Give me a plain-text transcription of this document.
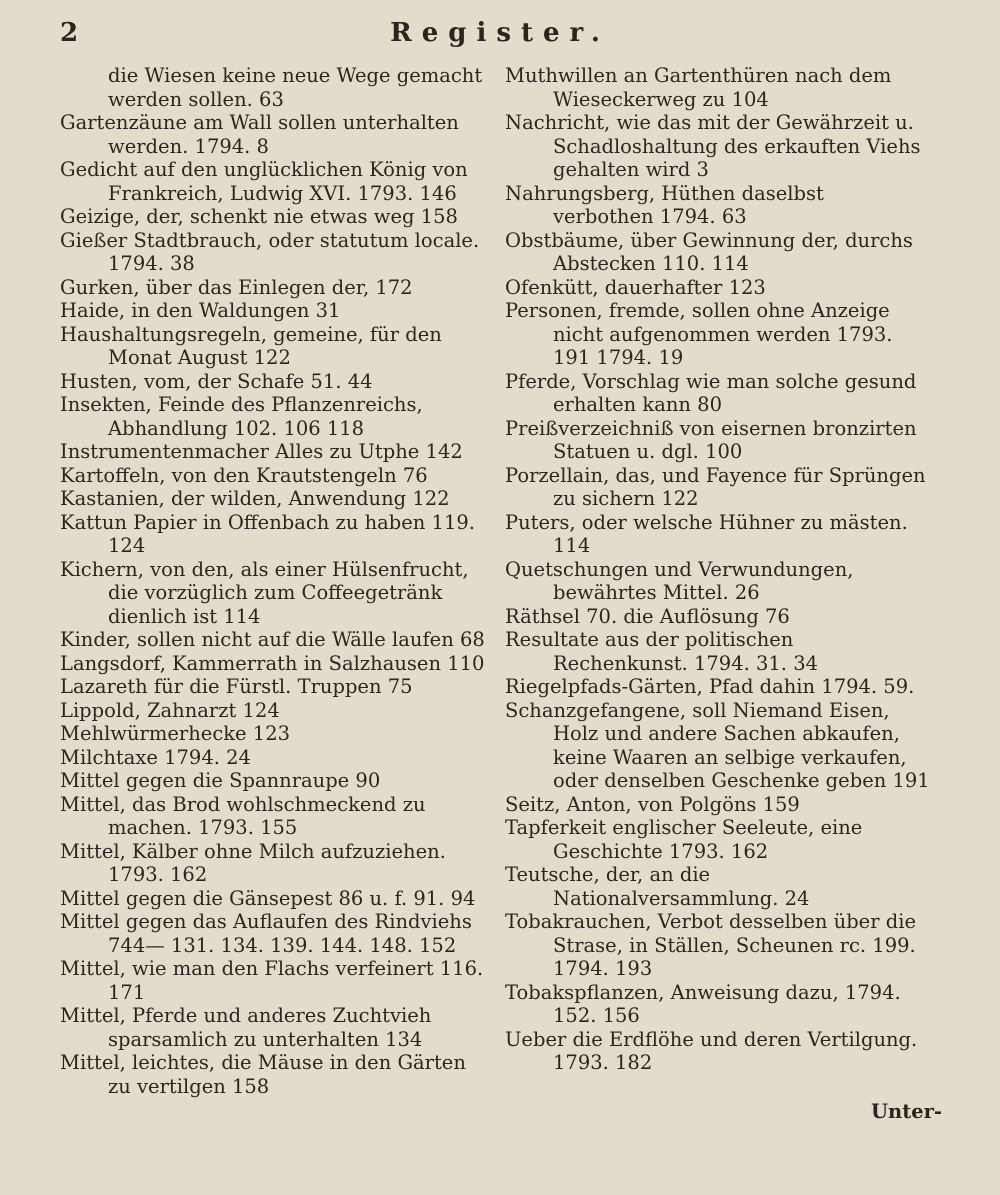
2	Register.
die Wiesen keine neue Wege gemacht werden sollen. 63
Gartenzäune am Wall sollen unterhalten werden. 1794. 8
Gedicht auf den unglücklichen König von Frankreich, Ludwig XVI. 1793. 146
Geizige, der, schenkt nie etwas weg 158
Gießer Stadtbrauch, oder statutum locale. 1794. 38
Gurken, über das Einlegen der, 172
Haide, in den Waldungen 31
Haushaltungsregeln, gemeine, für den Monat August 122
Husten, vom, der Schafe 51. 44
Insekten, Feinde des Pflanzenreichs, Abhandlung 102. 106 118
Instrumentenmacher Alles zu Utphe 142
Kartoffeln, von den Krautstengeln 76
Kastanien, der wilden, Anwendung 122
Kattun Papier in Offenbach zu haben 119. 124
Kichern, von den, als einer Hülsenfrucht, die vorzüglich zum Coffeegetränk dienlich ist 114
Kinder, sollen nicht auf die Wälle laufen 68
Langsdorf, Kammerrath in Salzhausen 110
Lazareth für die Fürstl. Truppen 75
Lippold, Zahnarzt 124
Mehlwürmerhecke 123
Milchtaxe 1794. 24
Mittel gegen die Spannraupe 90
Mittel, das Brod wohlschmeckend zu machen. 1793. 155
Mittel, Kälber ohne Milch aufzuziehen. 1793. 162
Mittel gegen die Gänsepest 86 u. f. 91. 94
Mittel gegen das Auflaufen des Rindviehs 744— 131. 134. 139. 144. 148. 152
Mittel, wie man den Flachs verfeinert 116. 171
Mittel, Pferde und anderes Zuchtvieh sparsamlich zu unterhalten 134
Mittel, leichtes, die Mäuse in den Gärten zu vertilgen 158
Muthwillen an Gartenthüren nach dem Wieseckerweg zu 104
Nachricht, wie das mit der Gewährzeit u. Schadloshaltung des erkauften Viehs gehalten wird 3
Nahrungsberg, Hüthen daselbst verbothen 1794. 63
Obstbäume, über Gewinnung der, durchs Abstecken 110. 114
Ofenkütt, dauerhafter 123
Personen, fremde, sollen ohne Anzeige nicht aufgenommen werden 1793. 191 1794. 19
Pferde, Vorschlag wie man solche gesund erhalten kann 80
Preißverzeichniß von eisernen bronzirten Statuen u. dgl. 100
Porzellain, das, und Fayence für Sprüngen zu sichern 122
Puters, oder welsche Hühner zu mästen. 114
Quetschungen und Verwundungen, bewährtes Mittel. 26
Räthsel 70. die Auflösung 76
Resultate aus der politischen Rechenkunst. 1794. 31. 34
Riegelpfads-Gärten, Pfad dahin 1794. 59.
Schanzgefangene, soll Niemand Eisen, Holz und andere Sachen abkaufen, keine Waaren an selbige verkaufen, oder denselben Geschenke geben 191
Seitz, Anton, von Polgöns 159
Tapferkeit englischer Seeleute, eine Geschichte 1793. 162
Teutsche, der, an die Nationalversammlung. 24
Tobakrauchen, Verbot desselben über die Strase, in Ställen, Scheunen rc. 199. 1794. 193
Tobakspflanzen, Anweisung dazu, 1794. 152. 156
Ueber die Erdflöhe und deren Vertilgung. 1793. 182
Unter-
